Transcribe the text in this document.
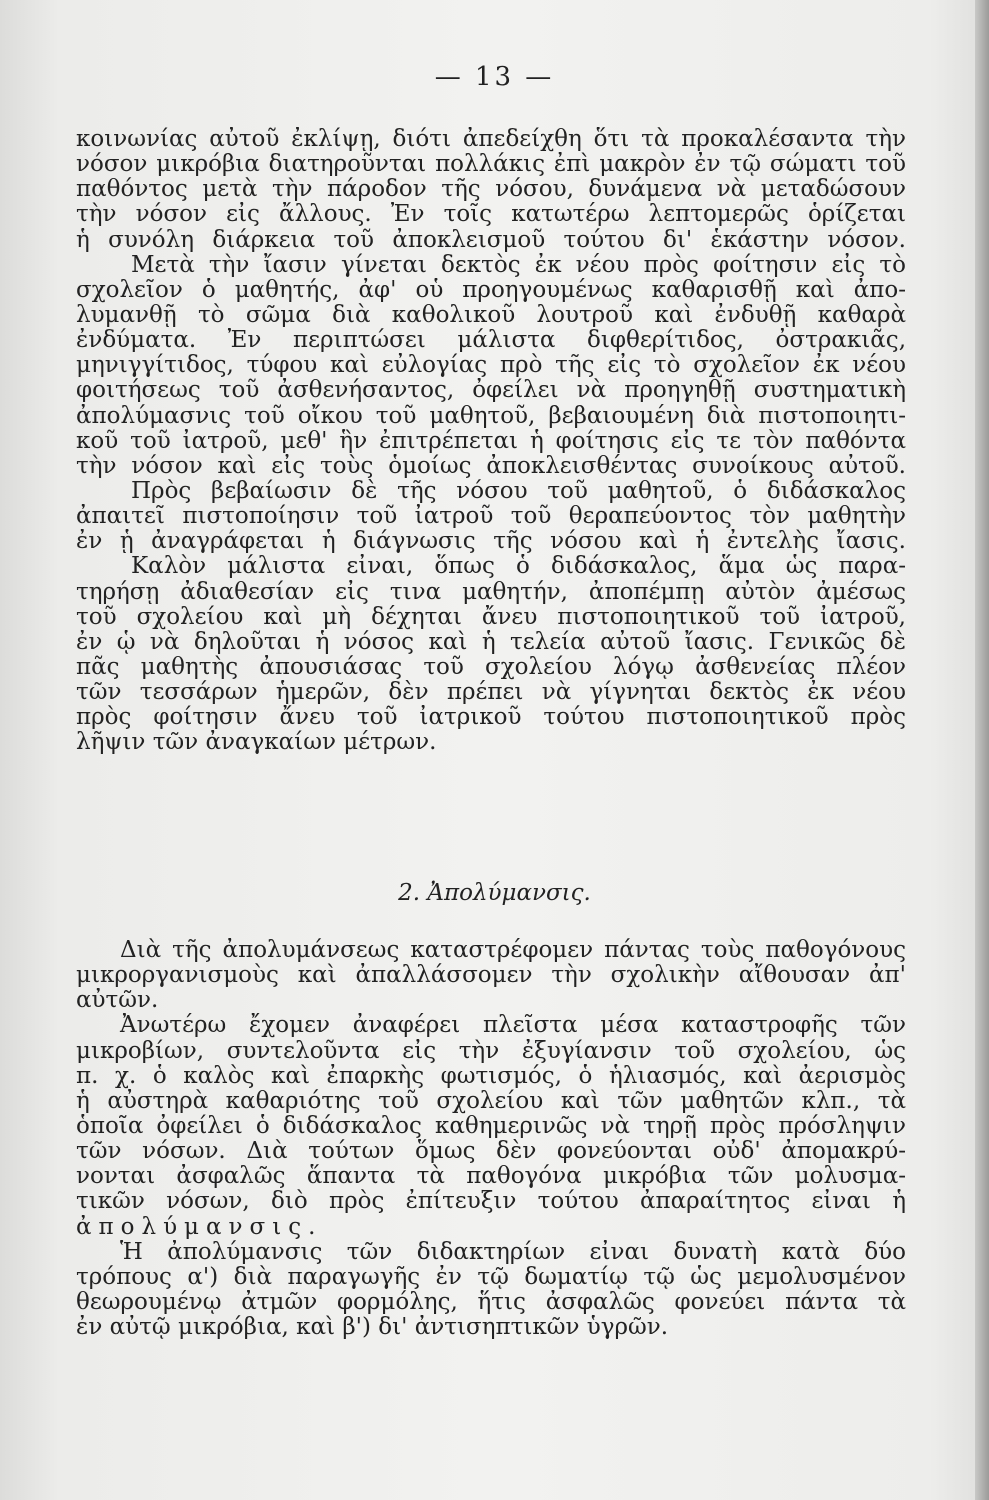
— 13 —
κοινωνίας αὐτοῦ ἐκλίψῃ, διότι ἀπεδείχθη ὅτι τὰ προκαλέσαντα τὴν
νόσον μικρόβια διατηροῦνται πολλάκις ἐπὶ μακρὸν ἐν τῷ σώματι τοῦ
παθόντος μετὰ τὴν πάροδον τῆς νόσου, δυνάμενα νὰ μεταδώσουν
τὴν νόσον εἰς ἄλλους. Ἐν τοῖς κατωτέρω λεπτομερῶς ὁρίζεται
ἡ συνόλη διάρκεια τοῦ ἀποκλεισμοῦ τούτου δι' ἑκάστην νόσον.
Μετὰ τὴν ἴασιν γίνεται δεκτὸς ἐκ νέου πρὸς φοίτησιν εἰς τὸ
σχολεῖον ὁ μαθητής, ἀφ' οὗ προηγουμένως καθαρισθῇ καὶ ἀπο-
λυμανθῇ τὸ σῶμα διὰ καθολικοῦ λουτροῦ καὶ ἐνδυθῇ καθαρὰ
ἐνδύματα. Ἐν περιπτώσει μάλιστα διφθερίτιδος, ὀστρακιᾶς,
μηνιγγίτιδος, τύφου καὶ εὐλογίας πρὸ τῆς εἰς τὸ σχολεῖον ἐκ νέου
φοιτήσεως τοῦ ἀσθενήσαντος, ὀφείλει νὰ προηγηθῇ συστηματικὴ
ἀπολύμασνις τοῦ οἴκου τοῦ μαθητοῦ, βεβαιουμένη διὰ πιστοποιητι-
κοῦ τοῦ ἰατροῦ, μεθ' ἣν ἐπιτρέπεται ἡ φοίτησις εἰς τε τὸν παθόντα
τὴν νόσον καὶ εἰς τοὺς ὁμοίως ἀποκλεισθέντας συνοίκους αὐτοῦ.
Πρὸς βεβαίωσιν δὲ τῆς νόσου τοῦ μαθητοῦ, ὁ διδάσκαλος
ἀπαιτεῖ πιστοποίησιν τοῦ ἰατροῦ τοῦ θεραπεύοντος τὸν μαθητὴν
ἐν ᾗ ἀναγράφεται ἡ διάγνωσις τῆς νόσου καὶ ἡ ἐντελὴς ἴασις.
Καλὸν μάλιστα εἶναι, ὅπως ὁ διδάσκαλος, ἅμα ὡς παρα-
τηρήσῃ ἀδιαθεσίαν εἰς τινα μαθητήν, ἀποπέμπῃ αὐτὸν ἀμέσως
τοῦ σχολείου καὶ μὴ δέχηται ἄνευ πιστοποιητικοῦ τοῦ ἰατροῦ,
ἐν ᾧ νὰ δηλοῦται ἡ νόσος καὶ ἡ τελεία αὐτοῦ ἴασις. Γενικῶς δὲ
πᾶς μαθητὴς ἀπουσιάσας τοῦ σχολείου λόγῳ ἀσθενείας πλέον
τῶν τεσσάρων ἡμερῶν, δὲν πρέπει νὰ γίγνηται δεκτὸς ἐκ νέου
πρὸς φοίτησιν ἄνευ τοῦ ἰατρικοῦ τούτου πιστοποιητικοῦ πρὸς
λῆψιν τῶν ἀναγκαίων μέτρων.
2. Ἀπολύμανσις.
Διὰ τῆς ἀπολυμάνσεως καταστρέφομεν πάντας τοὺς παθογόνους
μικροργανισμοὺς καὶ ἀπαλλάσσομεν τὴν σχολικὴν αἴθουσαν ἀπ'
αὐτῶν.
Ἀνωτέρω ἔχομεν ἀναφέρει πλεῖστα μέσα καταστροφῆς τῶν
μικροβίων, συντελοῦντα εἰς τὴν ἐξυγίανσιν τοῦ σχολείου, ὡς
π. χ. ὁ καλὸς καὶ ἐπαρκὴς φωτισμός, ὁ ἡλιασμός, καὶ ἀερισμὸς
ἡ αὐστηρὰ καθαριότης τοῦ σχολείου καὶ τῶν μαθητῶν κλπ., τὰ
ὁποῖα ὀφείλει ὁ διδάσκαλος καθημερινῶς νὰ τηρῇ πρὸς πρόσληψιν
τῶν νόσων. Διὰ τούτων ὅμως δὲν φονεύονται οὐδ' ἀπομακρύ-
νονται ἀσφαλῶς ἅπαντα τὰ παθογόνα μικρόβια τῶν μολυσμα-
τικῶν νόσων, διὸ πρὸς ἐπίτευξιν τούτου ἀπαραίτητος εἶναι ἡ
ἀπολύμανσις.
Ἡ ἀπολύμανσις τῶν διδακτηρίων εἶναι δυνατὴ κατὰ δύο
τρόπους α') διὰ παραγωγῆς ἐν τῷ δωματίῳ τῷ ὡς μεμολυσμένον
θεωρουμένῳ ἀτμῶν φορμόλης, ἥτις ἀσφαλῶς φονεύει πάντα τὰ
ἐν αὐτῷ μικρόβια, καὶ β') δι' ἀντισηπτικῶν ὑγρῶν.
